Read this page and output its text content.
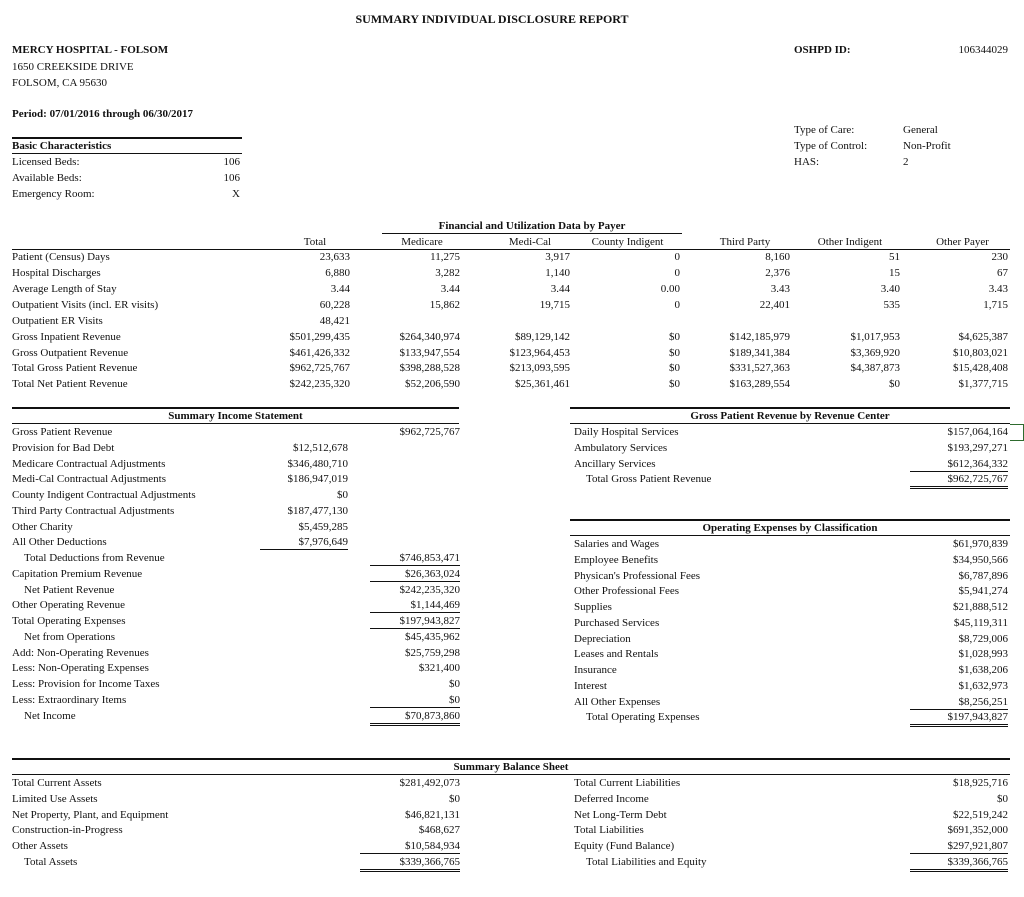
SUMMARY INDIVIDUAL DISCLOSURE REPORT
MERCY HOSPITAL - FOLSOM
1650 CREEKSIDE DRIVE
FOLSOM, CA 95630
OSHPD ID:	106344029
Period: 07/01/2016 through 06/30/2017
Basic Characteristics
Licensed Beds:	106
Available Beds:	106
Emergency Room:	X
Type of Care:	General
Type of Control:	Non-Profit
HAS:	2
Financial and Utilization Data by Payer
Total	Medicare	Medi-Cal	County Indigent	Third Party	Other Indigent	Other Payer
Patient (Census) Days	23,633	11,275	3,917	0	8,160	51	230
Hospital Discharges	6,880	3,282	1,140	0	2,376	15	67
Average Length of Stay	3.44	3.44	3.44	0.00	3.43	3.40	3.43
Outpatient Visits (incl. ER visits)	60,228	15,862	19,715	0	22,401	535	1,715
Outpatient ER Visits	48,421
Gross Inpatient Revenue	$501,299,435	$264,340,974	$89,129,142	$0	$142,185,979	$1,017,953	$4,625,387
Gross Outpatient Revenue	$461,426,332	$133,947,554	$123,964,453	$0	$189,341,384	$3,369,920	$10,803,021
Total Gross Patient Revenue	$962,725,767	$398,288,528	$213,093,595	$0	$331,527,363	$4,387,873	$15,428,408
Total Net Patient Revenue	$242,235,320	$52,206,590	$25,361,461	$0	$163,289,554	$0	$1,377,715
Summary Income Statement
Gross Patient Revenue	$962,725,767
Provision for Bad Debt	$12,512,678
Medicare Contractual Adjustments	$346,480,710
Medi-Cal Contractual Adjustments	$186,947,019
County Indigent Contractual Adjustments	$0
Third Party Contractual Adjustments	$187,477,130
Other Charity	$5,459,285
All Other Deductions	$7,976,649
Total Deductions from Revenue	$746,853,471
Capitation Premium Revenue	$26,363,024
Net Patient Revenue	$242,235,320
Other Operating Revenue	$1,144,469
Total Operating Expenses	$197,943,827
Net from Operations	$45,435,962
Add: Non-Operating Revenues	$25,759,298
Less: Non-Operating Expenses	$321,400
Less: Provision for Income Taxes	$0
Less: Extraordinary Items	$0
Net Income	$70,873,860
Gross Patient Revenue by Revenue Center
Daily Hospital Services	$157,064,164
Ambulatory Services	$193,297,271
Ancillary Services	$612,364,332
Total Gross Patient Revenue	$962,725,767
Operating Expenses by Classification
Salaries and Wages	$61,970,839
Employee Benefits	$34,950,566
Physican's Professional Fees	$6,787,896
Other Professional Fees	$5,941,274
Supplies	$21,888,512
Purchased Services	$45,119,311
Depreciation	$8,729,006
Leases and Rentals	$1,028,993
Insurance	$1,638,206
Interest	$1,632,973
All Other Expenses	$8,256,251
Total Operating Expenses	$197,943,827
Summary Balance Sheet
Total Current Assets	$281,492,073
Limited Use Assets	$0
Net Property, Plant, and Equipment	$46,821,131
Construction-in-Progress	$468,627
Other Assets	$10,584,934
Total Assets	$339,366,765
Total Current Liabilities	$18,925,716
Deferred Income	$0
Net Long-Term Debt	$22,519,242
Total Liabilities	$691,352,000
Equity (Fund Balance)	$297,921,807
Total Liabilities and Equity	$339,366,765
